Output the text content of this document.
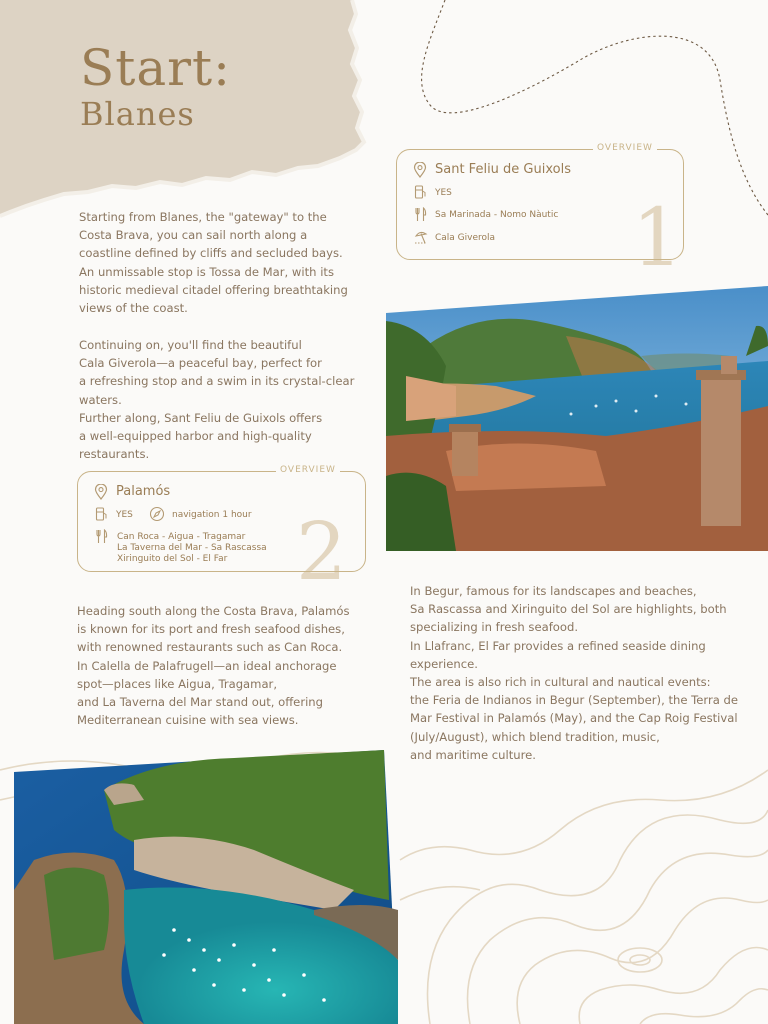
Start:
Blanes

Starting from Blanes, the "gateway" to the
Costa Brava, you can sail north along a
coastline defined by cliffs and secluded bays.
An unmissable stop is Tossa de Mar, with its
historic medieval citadel offering breathtaking
views of the coast.

Continuing on, you'll find the beautiful
Cala Giverola—a peaceful bay, perfect for
a refreshing stop and a swim in its crystal-clear
waters.
Further along, Sant Feliu de Guixols offers
a well-equipped harbor and high-quality
restaurants.

1
OVERVIEW
Sant Feliu de Guixols
YES
Sa Marinada - Nomo Nàutic
Cala Giverola
2
OVERVIEW
Palamós
YES	navigation 1 hour
Can Roca - Aigua - Tragamar
La Taverna del Mar - Sa Rascassa
Xiringuito del Sol - El Far

Heading south along the Costa Brava, Palamós
is known for its port and fresh seafood dishes,
with renowned restaurants such as Can Roca.
In Calella de Palafrugell—an ideal anchorage
spot—places like Aigua, Tragamar,
and La Taverna del Mar stand out, offering
Mediterranean cuisine with sea views.

In Begur, famous for its landscapes and beaches,
Sa Rascassa and Xiringuito del Sol are highlights, both
specializing in fresh seafood.
In Llafranc, El Far provides a refined seaside dining
experience.
The area is also rich in cultural and nautical events:
the Feria de Indianos in Begur (September), the Terra de
Mar Festival in Palamós (May), and the Cap Roig Festival
(July/August), which blend tradition, music,
and maritime culture.
